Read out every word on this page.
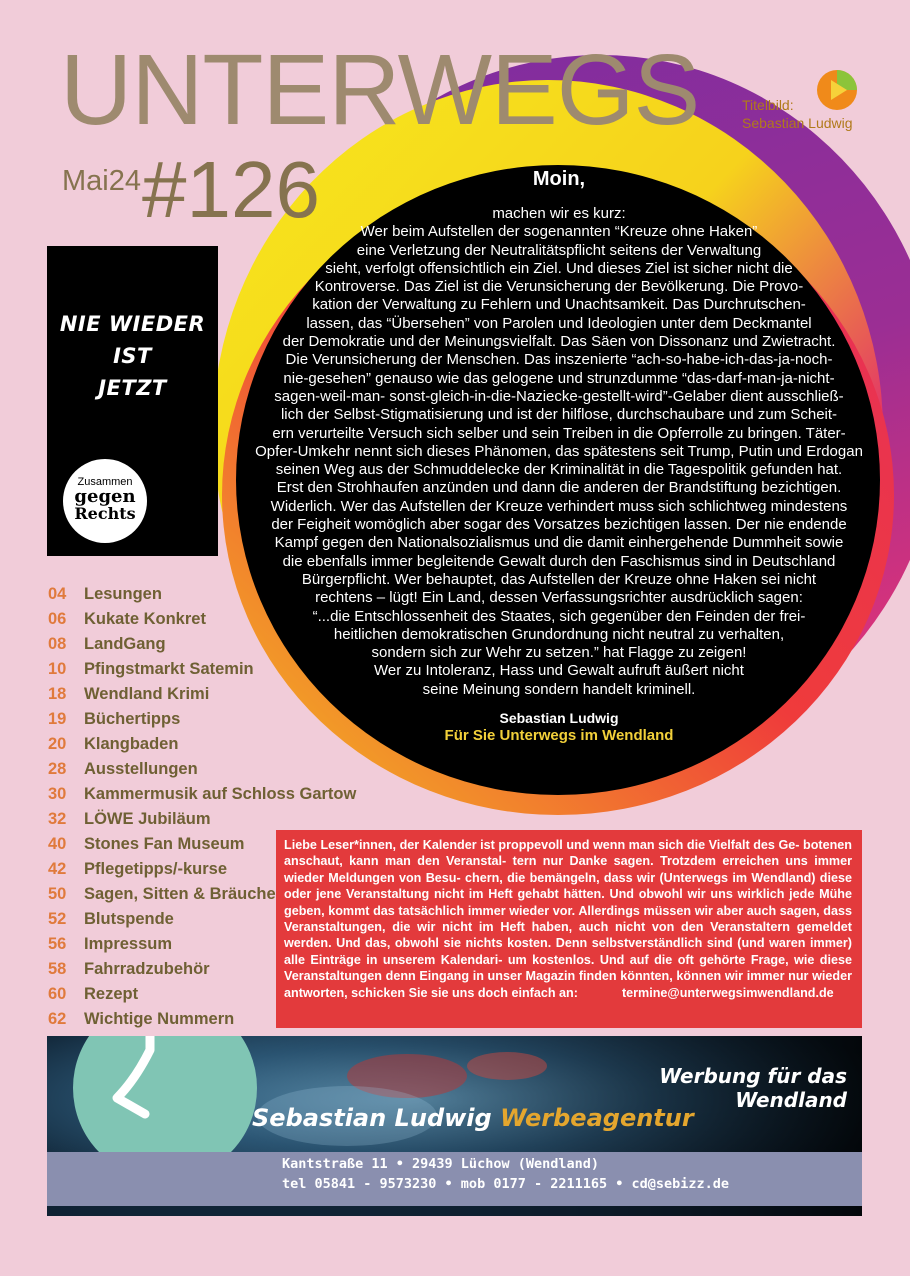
UNTERWEGS
Mai24 #126
Titelbild:
Sebastian Ludwig
Moin,
machen wir es kurz:
Wer beim Aufstellen der sogenannten “Kreuze ohne Haken”
eine Verletzung der Neutralitätspflicht seitens der Verwaltung
sieht, verfolgt offensichtlich ein Ziel. Und dieses Ziel ist sicher nicht die
Kontroverse. Das Ziel ist die Verunsicherung der Bevölkerung. Die Provo-
kation der Verwaltung zu Fehlern und Unachtsamkeit. Das Durchrutschen-
lassen, das “Übersehen” von Parolen und Ideologien unter dem Deckmantel
der Demokratie und der Meinungsvielfalt. Das Säen von Dissonanz und Zwietracht.
Die Verunsicherung der Menschen. Das inszenierte “ach-so-habe-ich-das-ja-noch-
nie-gesehen” genauso wie das gelogene und strunzdumme “das-darf-man-ja-nicht-
sagen-weil-man- sonst-gleich-in-die-Naziecke-gestellt-wird”-Gelaber dient ausschließ-
lich der Selbst-Stigmatisierung und ist der hilflose, durchschaubare und zum Scheit-
ern verurteilte Versuch sich selber und sein Treiben in die Opferrolle zu bringen. Täter-
Opfer-Umkehr nennt sich dieses Phänomen, das spätestens seit Trump, Putin und Erdogan
seinen Weg aus der Schmuddelecke der Kriminalität in die Tagespolitik gefunden hat.
Erst den Strohhaufen anzünden und dann die anderen der Brandstiftung bezichtigen.
Widerlich. Wer das Aufstellen der Kreuze verhindert muss sich schlichtweg mindestens
der Feigheit womöglich aber sogar des Vorsatzes bezichtigen lassen. Der nie endende
Kampf gegen den Nationalsozialismus und die damit einhergehende Dummheit sowie
die ebenfalls immer begleitende Gewalt durch den Faschismus sind in Deutschland
Bürgerpflicht. Wer behauptet, das Aufstellen der Kreuze ohne Haken sei nicht
rechtens – lügt! Ein Land, dessen Verfassungsrichter ausdrücklich sagen:
“...die Entschlossenheit des Staates, sich gegenüber den Feinden der frei-
heitlichen demokratischen Grundordnung nicht neutral zu verhalten,
sondern sich zur Wehr zu setzen.” hat Flagge zu zeigen!
Wer zu Intoleranz, Hass und Gewalt aufruft äußert nicht
seine Meinung sondern handelt kriminell.
Sebastian Ludwig
Für Sie Unterwegs im Wendland
NIE WIEDER
IST
JETZT
Zusammen
gegen
Rechts
04 Lesungen
06 Kukate Konkret
08 LandGang
10 Pfingstmarkt Satemin
18 Wendland Krimi
19 Büchertipps
20 Klangbaden
28 Ausstellungen
30 Kammermusik auf Schloss Gartow
32 LÖWE Jubiläum
40 Stones Fan Museum
42 Pflegetipps/-kurse
50 Sagen, Sitten & Bräuche
52 Blutspende
56 Impressum
58 Fahrradzubehör
60 Rezept
62 Wichtige Nummern
Liebe Leser*innen, der Kalender ist proppevoll und wenn man sich die Vielfalt des Ge- botenen anschaut, kann man den Veranstal- tern nur Danke sagen. Trotzdem erreichen uns immer wieder Meldungen von Besu- chern, die bemängeln, dass wir (Unterwegs im Wendland) diese oder jene Veranstaltung nicht im Heft gehabt hätten. Und obwohl wir uns wirklich jede Mühe geben, kommt das tatsächlich immer wieder vor. Allerdings müssen wir aber auch sagen, dass Veranstaltungen, die wir nicht im Heft haben, auch nicht von den Veranstaltern gemeldet werden. Und das, obwohl sie nichts kosten. Denn selbstverständlich sind (und waren immer) alle Einträge in unserem Kalendari- um kostenlos. Und auf die oft gehörte Frage, wie diese Veranstaltungen denn Eingang in unser Magazin finden könnten, können wir immer nur wieder antworten, schicken Sie sie uns doch einfach an:	termine@unterwegsimwendland.de
Werbung für das Wendland
Sebastian Ludwig Werbeagentur
Kantstraße 11 • 29439 Lüchow (Wendland)
tel 05841 - 9573230 • mob 0177 - 2211165 • cd@sebizz.de
